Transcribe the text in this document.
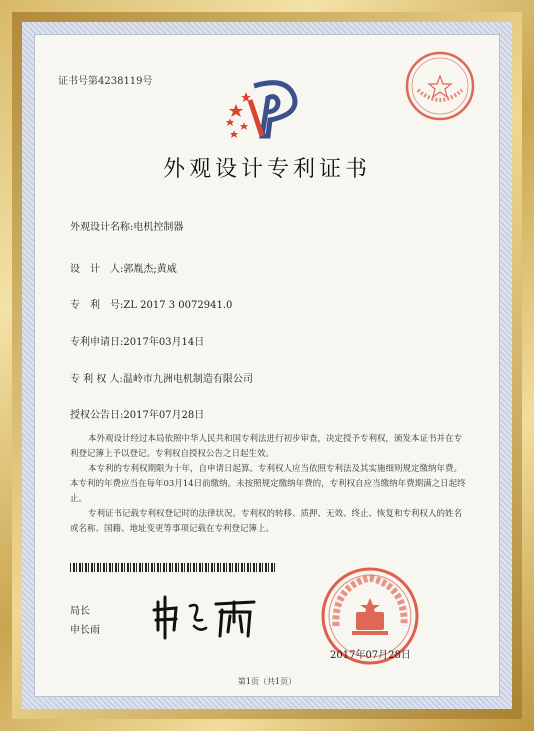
证书号第4238119号
外观设计专利证书
外观设计名称:电机控制器
设　计　人:郭胤杰;黄威
专　利　号:ZL 2017 3 0072941.0
专利申请日:2017年03月14日
专 利 权 人:温岭市九洲电机制造有限公司
授权公告日:2017年07月28日

本外观设计经过本局依照中华人民共和国专利法进行初步审查，决定授予专利权，颁发本证书并在专利登记簿上予以登记。专利权自授权公告之日起生效。

本专利的专利权期限为十年，自申请日起算。专利权人应当依照专利法及其实施细则规定缴纳年费。本专利的年费应当在每年03月14日前缴纳。未按照规定缴纳年费的，专利权自应当缴纳年费期满之日起终止。

专利证书记载专利权登记时的法律状况。专利权的转移、质押、无效、终止、恢复和专利权人的姓名或名称、国籍、地址变更等事项记载在专利登记簿上。

局长
申长雨
2017年07月28日
第1页（共1页）
